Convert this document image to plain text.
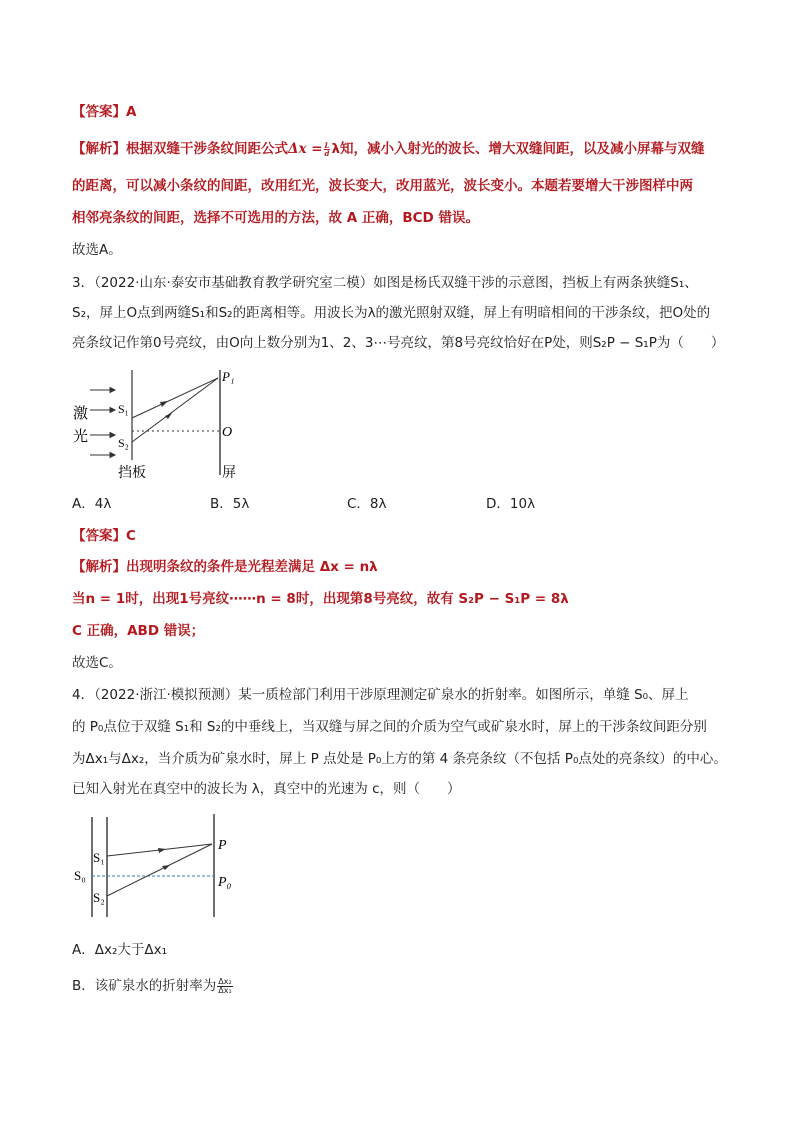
【答案】A
【解析】根据双缝干涉条纹间距公式$\Delta x = \frac{L}{d}$ λ知，减小入射光的波长、增大双缝间距，以及减小屏幕与双缝
的距离，可以减小条纹的间距，改用红光，波长变大，改用蓝光，波长变小。本题若要增大干涉图样中两
相邻亮条纹的间距，选择不可选用的方法，故 A 正确，BCD 错误。
故选A。
3．（2022·山东·泰安市基础教育教学研究室二模）如图是杨氏双缝干涉的示意图，挡板上有两条狭缝S₁、
S₂，屏上O点到两缝S₁和S₂的距离相等。用波长为λ的激光照射双缝，屏上有明暗相间的干涉条纹，把O处的
亮条纹记作第0号亮纹，由O向上数分别为1、2、3⋯号亮纹，第8号亮纹恰好在P处，则S₂P − S₁P为（　　）
激
光
S₁
S₂
P₁
O
挡板	屏
A．4λ	B．5λ	C．8λ	D．10λ
【答案】C
【解析】出现明条纹的条件是光程差满足 Δx = nλ
当n = 1时，出现1号亮纹⋯⋯n = 8时，出现第8号亮纹，故有 S₂P − S₁P = 8λ
C 正确，ABD 错误；
故选C。
4．（2022·浙江·模拟预测）某一质检部门利用干涉原理测定矿泉水的折射率。如图所示，单缝 S₀、屏上
的 P₀点位于双缝 S₁和 S₂的中垂线上，当双缝与屏之间的介质为空气或矿泉水时，屏上的干涉条纹间距分别
为Δx₁与Δx₂，当介质为矿泉水时，屏上 P 点处是 P₀上方的第 4 条亮条纹（不包括 P₀点处的亮条纹）的中心。
已知入射光在真空中的波长为 λ，真空中的光速为 c，则（　　）
S₀
S₁
S₂
P
P₀
A．Δx₂大于Δx₁
B．该矿泉水的折射率为 $\frac{\text{Δx₂}}{\text{Δx₁}}$
